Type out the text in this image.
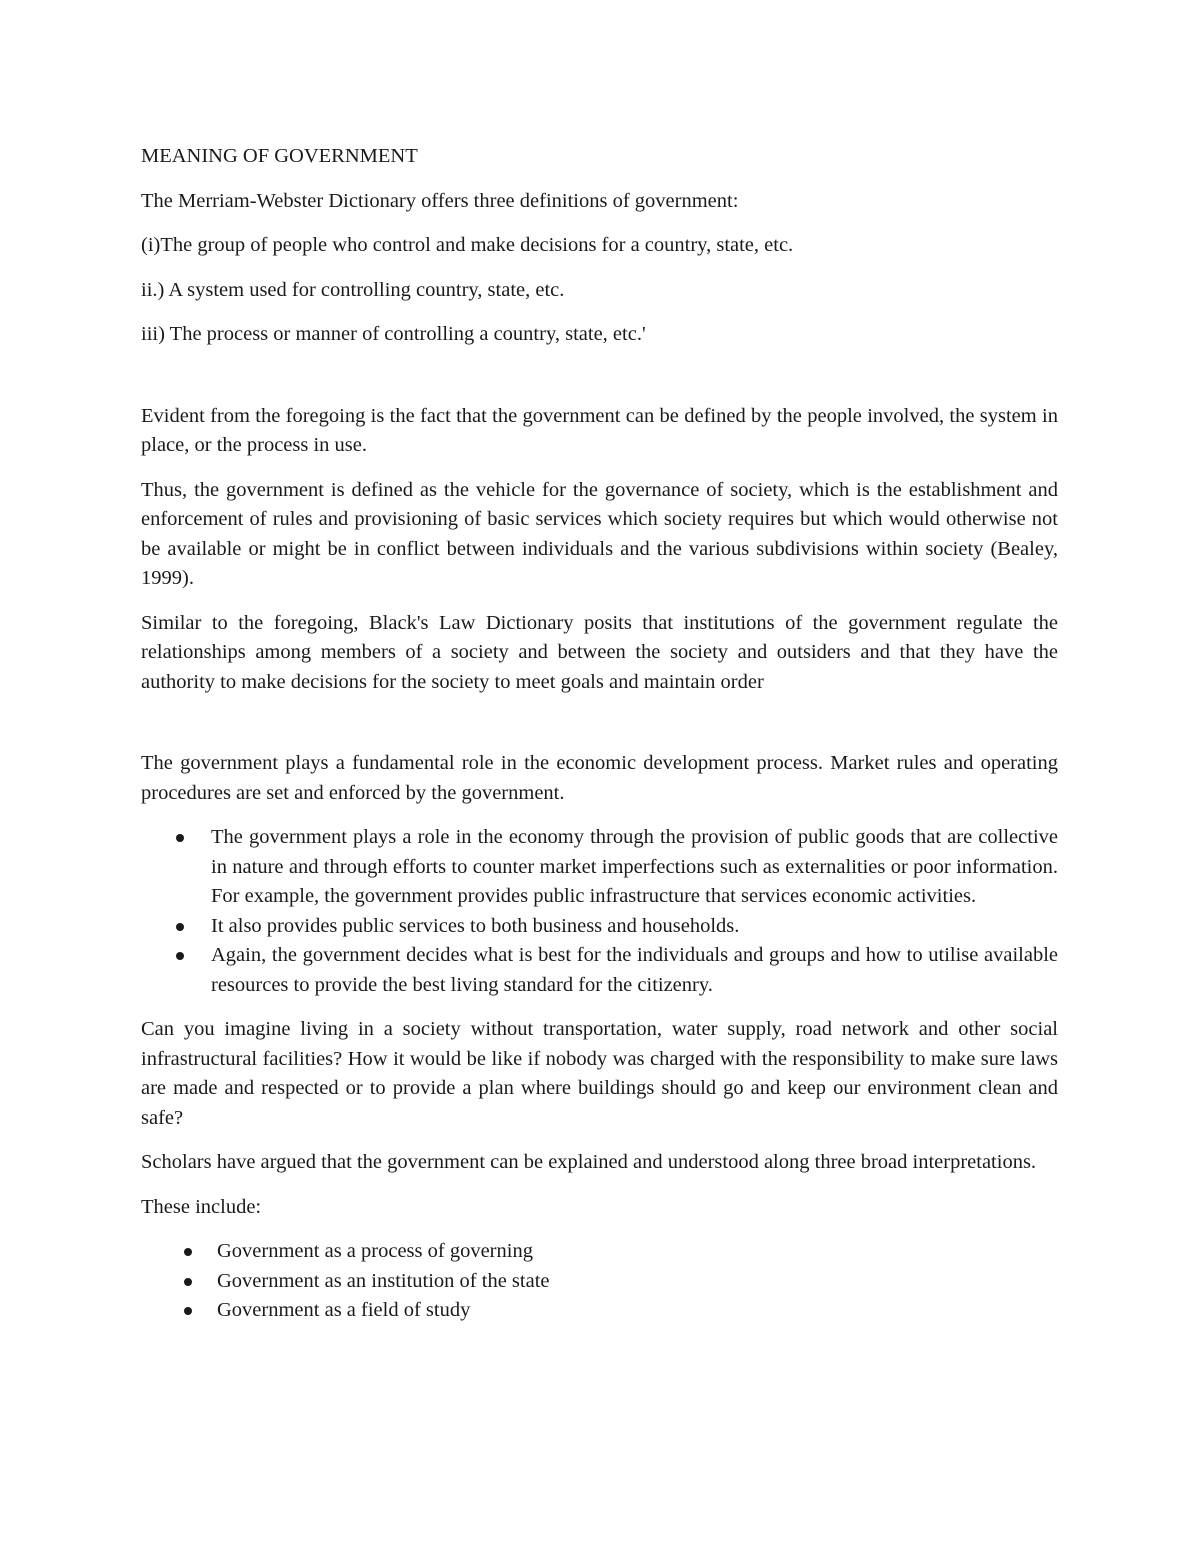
MEANING OF GOVERNMENT

The Merriam-Webster Dictionary offers three definitions of government:

(i)The group of people who control and make decisions for a country, state, etc.

ii.) A system used for controlling country, state, etc.

iii) The process or manner of controlling a country, state, etc.'

Evident from the foregoing is the fact that the government can be defined by the people involved, the system in place, or the process in use.

Thus, the government is defined as the vehicle for the governance of society, which is the establishment and enforcement of rules and provisioning of basic services which society requires but which would otherwise not be available or might be in conflict between individuals and the various subdivisions within society (Bealey, 1999).

Similar to the foregoing, Black's Law Dictionary posits that institutions of the government regulate the relationships among members of a society and between the society and outsiders and that they have the authority to make decisions for the society to meet goals and maintain order

The government plays a fundamental role in the economic development process. Market rules and operating procedures are set and enforced by the government.

The government plays a role in the economy through the provision of public goods that are collective in nature and through efforts to counter market imperfections such as externalities or poor information. For example, the government provides public infrastructure that services economic activities.
It also provides public services to both business and households.
Again, the government decides what is best for the individuals and groups and how to utilise available resources to provide the best living standard for the citizenry.

Can you imagine living in a society without transportation, water supply, road network and other social infrastructural facilities? How it would be like if nobody was charged with the responsibility to make sure laws are made and respected or to provide a plan where buildings should go and keep our environment clean and safe?

Scholars have argued that the government can be explained and understood along three broad interpretations.

These include:

Government as a process of governing
Government as an institution of the state
Government as a field of study
